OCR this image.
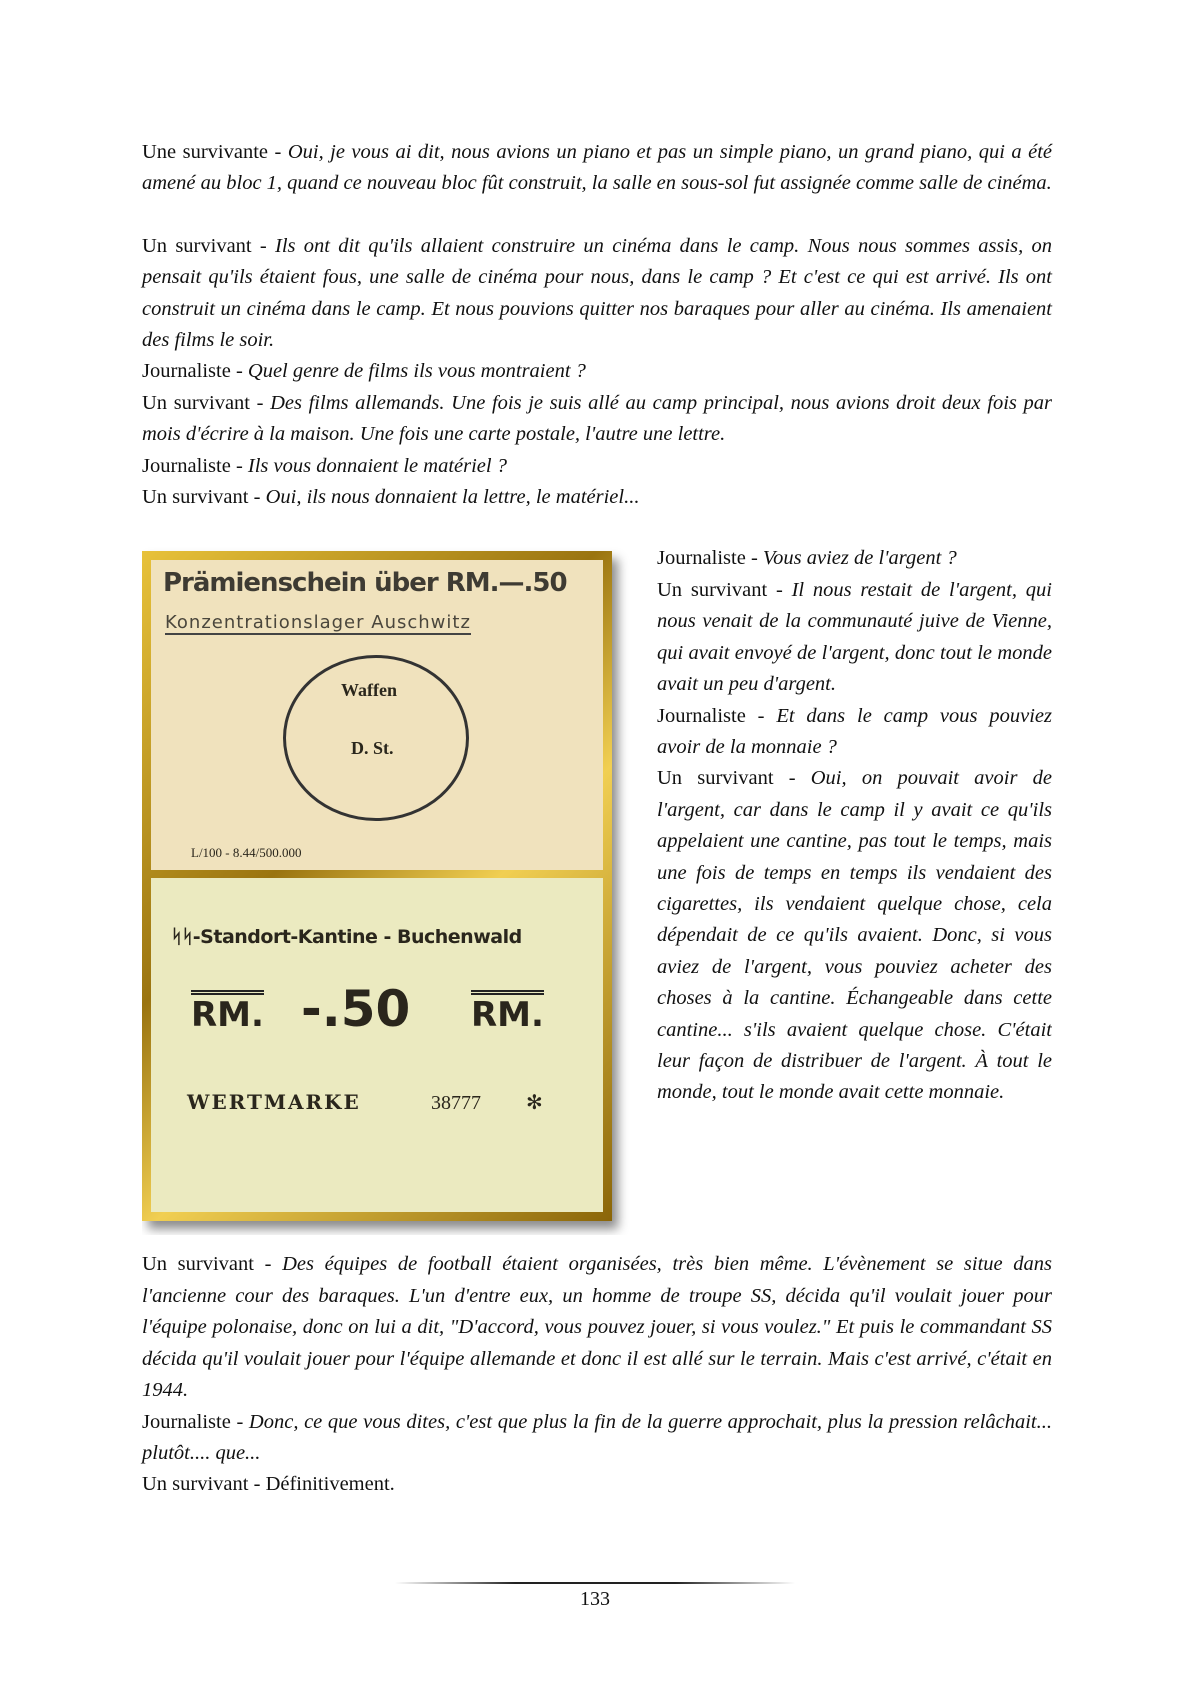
Une survivante - Oui, je vous ai dit, nous avions un piano et pas un simple piano, un grand piano, qui a été amené au bloc 1, quand ce nouveau bloc fût construit, la salle en sous-sol fut assignée comme salle de cinéma.
Un survivant - Ils ont dit qu'ils allaient construire un cinéma dans le camp. Nous nous sommes assis, on pensait qu'ils étaient fous, une salle de cinéma pour nous, dans le camp ? Et c'est ce qui est arrivé. Ils ont construit un cinéma dans le camp. Et nous pouvions quitter nos baraques pour aller au cinéma. Ils amenaient des films le soir.
Journaliste - Quel genre de films ils vous montraient ?
Un survivant - Des films allemands. Une fois je suis allé au camp principal, nous avions droit deux fois par mois d'écrire à la maison. Une fois une carte postale, l'autre une lettre.
Journaliste - Ils vous donnaient le matériel ?
Un survivant - Oui, ils nous donnaient la lettre, le matériel...
Prämienschein über RM.—.50
Konzentrationslager Auschwitz
Waffen
D. St.
L/100 - 8.44/500.000
ᛋᛋ-Standort-Kantine - Buchenwald
RM. -.50 RM.
WERTMARKE	38777 ✻
Journaliste - Vous aviez de l'argent ?
Un survivant - Il nous restait de l'argent, qui nous venait de la communauté juive de Vienne, qui avait envoyé de l'argent, donc tout le monde avait un peu d'argent.
Journaliste - Et dans le camp vous pouviez avoir de la monnaie ?
Un survivant - Oui, on pouvait avoir de l'argent, car dans le camp il y avait ce qu'ils appelaient une cantine, pas tout le temps, mais une fois de temps en temps ils vendaient des cigarettes, ils vendaient quelque chose, cela dépendait de ce qu'ils avaient. Donc, si vous aviez de l'argent, vous pouviez acheter des choses à la cantine. Échangeable dans cette cantine... s'ils avaient quelque chose. C'était leur façon de distribuer de l'argent. À tout le monde, tout le monde avait cette monnaie.
Un survivant - Des équipes de football étaient organisées, très bien même. L'évènement se situe dans l'ancienne cour des baraques. L'un d'entre eux, un homme de troupe SS, décida qu'il voulait jouer pour l'équipe polonaise, donc on lui a dit, "D'accord, vous pouvez jouer, si vous voulez." Et puis le commandant SS décida qu'il voulait jouer pour l'équipe allemande et donc il est allé sur le terrain. Mais c'est arrivé, c'était en 1944.
Journaliste - Donc, ce que vous dites, c'est que plus la fin de la guerre approchait, plus la pression relâchait... plutôt.... que...
Un survivant - Définitivement.
133
